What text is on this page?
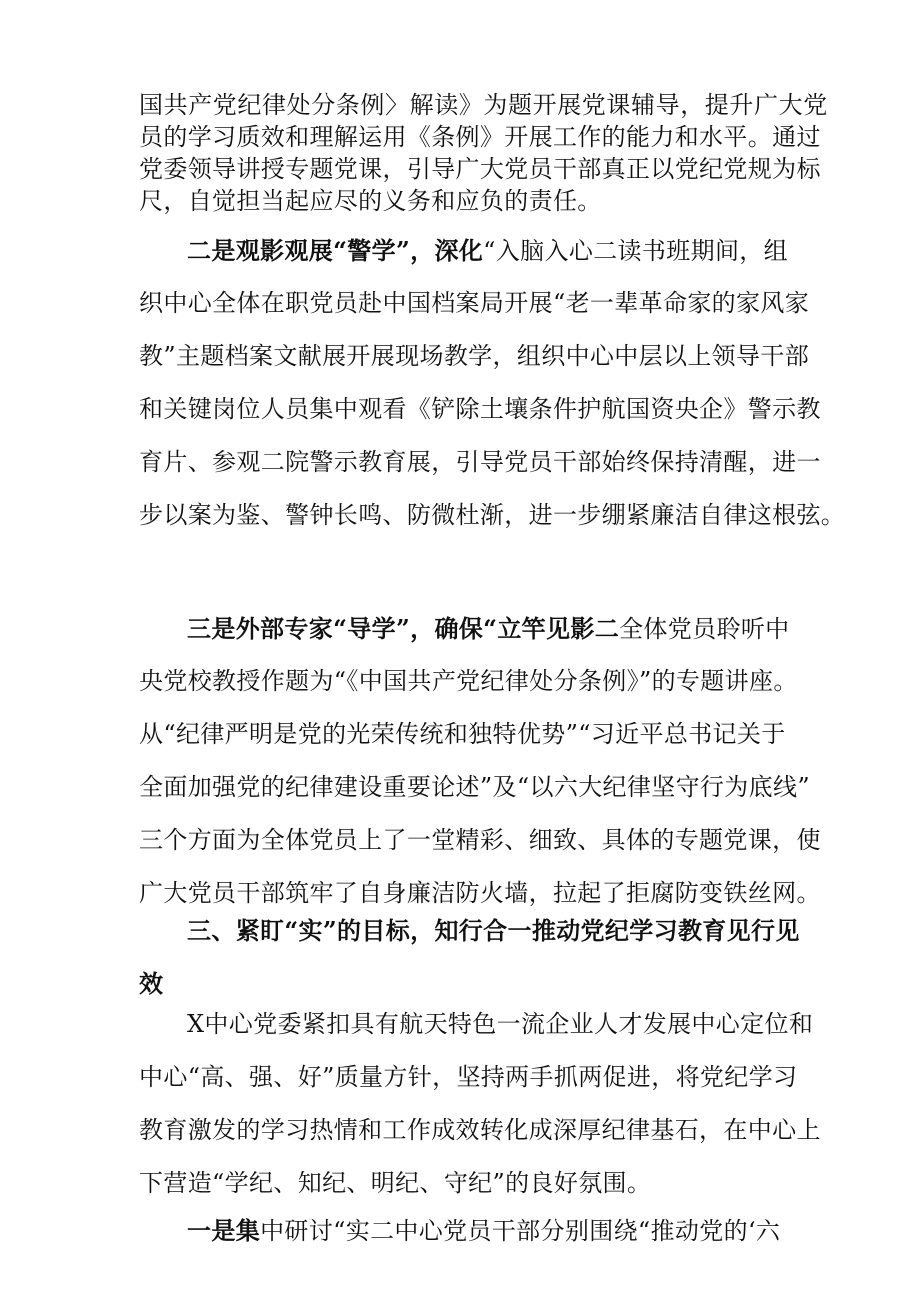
国共产党纪律处分条例〉解读》为题开展党课辅导，提升广大党
员的学习质效和理解运用《条例》开展工作的能力和水平。通过
党委领导讲授专题党课，引导广大党员干部真正以党纪党规为标
尺，自觉担当起应尽的义务和应负的责任。
二是观影观展“警学”，深化“入脑入心二读书班期间，组
织中心全体在职党员赴中国档案局开展“老一辈革命家的家风家
教”主题档案文献展开展现场教学，组织中心中层以上领导干部
和关键岗位人员集中观看《铲除土壤条件护航国资央企》警示教
育片、参观二院警示教育展，引导党员干部始终保持清醒，进一
步以案为鉴、警钟长鸣、防微杜渐，进一步绷紧廉洁自律这根弦。
三是外部专家“导学”，确保“立竿见影二全体党员聆听中
央党校教授作题为“《中国共产党纪律处分条例》”的专题讲座。
从“纪律严明是党的光荣传统和独特优势”“习近平总书记关于
全面加强党的纪律建设重要论述”及“以六大纪律坚守行为底线”
三个方面为全体党员上了一堂精彩、细致、具体的专题党课，使
广大党员干部筑牢了自身廉洁防火墙，拉起了拒腐防变铁丝网。
三、紧盯“实”的目标，知行合一推动党纪学习教育见行见
效
X中心党委紧扣具有航天特色一流企业人才发展中心定位和
中心“高、强、好”质量方针，坚持两手抓两促进，将党纪学习
教育激发的学习热情和工作成效转化成深厚纪律基石，在中心上
下营造“学纪、知纪、明纪、守纪”的良好氛围。
一是集中研讨“实二中心党员干部分别围绕“推动党的‘六
